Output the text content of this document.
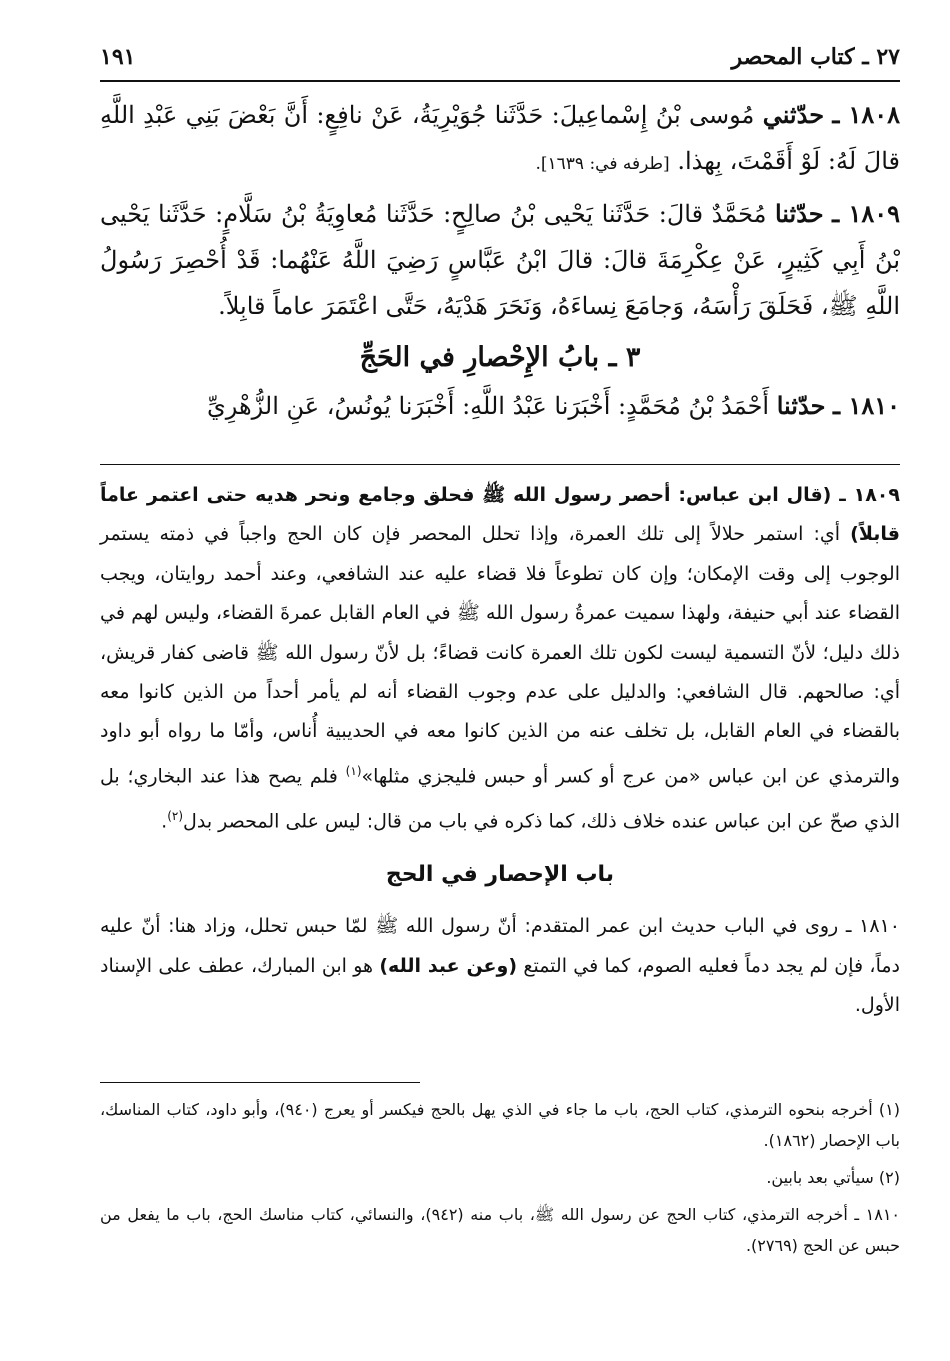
٢٧ ـ كتاب المحصر
١٩١

١٨٠٨ ـ حدّثني مُوسى بْنُ إِسْماعِيلَ: حَدَّثَنا جُوَيْرِيَةُ، عَنْ نافِعٍ: أَنَّ بَعْضَ بَنِي عَبْدِ اللَّهِ قالَ لَهُ: لَوْ أَقَمْتَ، بِهذا. [طرفه في: ١٦٣٩].

١٨٠٩ ـ حدّثنا مُحَمَّدٌ قالَ: حَدَّثَنا يَحْيى بْنُ صالِحٍ: حَدَّثَنا مُعاوِيَةُ بْنُ سَلَّامٍ: حَدَّثَنا يَحْيى بْنُ أَبِي كَثِيرٍ، عَنْ عِكْرِمَةَ قالَ: قالَ ابْنُ عَبَّاسٍ رَضِيَ اللَّهُ عَنْهُما: قَدْ أُحْصِرَ رَسُولُ اللَّهِ ﷺ، فَحَلَقَ رَأْسَهُ، وَجامَعَ نِساءَهُ، وَنَحَرَ هَدْيَهُ، حَتَّى اعْتَمَرَ عاماً قابِلاً.

٣ ـ بابُ الإِحْصارِ في الحَجِّ

١٨١٠ ـ حدّثنا أَحْمَدُ بْنُ مُحَمَّدٍ: أَخْبَرَنا عَبْدُ اللَّهِ: أَخْبَرَنا يُونُسُ، عَنِ الزُّهْرِيِّ

١٨٠٩ ـ (قال ابن عباس: أحصر رسول الله ﷺ فحلق وجامع ونحر هديه حتى اعتمر عاماً قابلاً) أي: استمر حلالاً إلى تلك العمرة، وإذا تحلل المحصر فإن كان الحج واجباً في ذمته يستمر الوجوب إلى وقت الإمكان؛ وإن كان تطوعاً فلا قضاء عليه عند الشافعي، وعند أحمد روايتان، ويجب القضاء عند أبي حنيفة، ولهذا سميت عمرةُ رسول الله ﷺ في العام القابل عمرةَ القضاء، وليس لهم في ذلك دليل؛ لأنّ التسمية ليست لكون تلك العمرة كانت قضاءً؛ بل لأنّ رسول الله ﷺ قاضى كفار قريش، أي: صالحهم. قال الشافعي: والدليل على عدم وجوب القضاء أنه لم يأمر أحداً من الذين كانوا معه بالقضاء في العام القابل، بل تخلف عنه من الذين كانوا معه في الحديبية أُناس، وأمّا ما رواه أبو داود والترمذي عن ابن عباس «من عرج أو كسر أو حبس فليجزي مثلها»$^{(١)}$ فلم يصح هذا عند البخاري؛ بل الذي صحّ عن ابن عباس عنده خلاف ذلك، كما ذكره في باب من قال: ليس على المحصر بدل$^{(٢)}$.

باب الإحصار في الحج

١٨١٠ ـ روى في الباب حديث ابن عمر المتقدم: أنّ رسول الله ﷺ لمّا حبس تحلل، وزاد هنا: أنّ عليه دماً، فإن لم يجد دماً فعليه الصوم، كما في التمتع (وعن عبد الله) هو ابن المبارك، عطف على الإسناد الأول.

(١) أخرجه بنحوه الترمذي، كتاب الحج، باب ما جاء في الذي يهل بالحج فيكسر أو يعرج (٩٤٠)، وأبو داود، كتاب المناسك، باب الإحصار (١٨٦٢).

(٢) سيأتي بعد بابين.

١٨١٠ ـ أخرجه الترمذي، كتاب الحج عن رسول الله ﷺ، باب منه (٩٤٢)، والنسائي، كتاب مناسك الحج، باب ما يفعل من حبس عن الحج (٢٧٦٩).
